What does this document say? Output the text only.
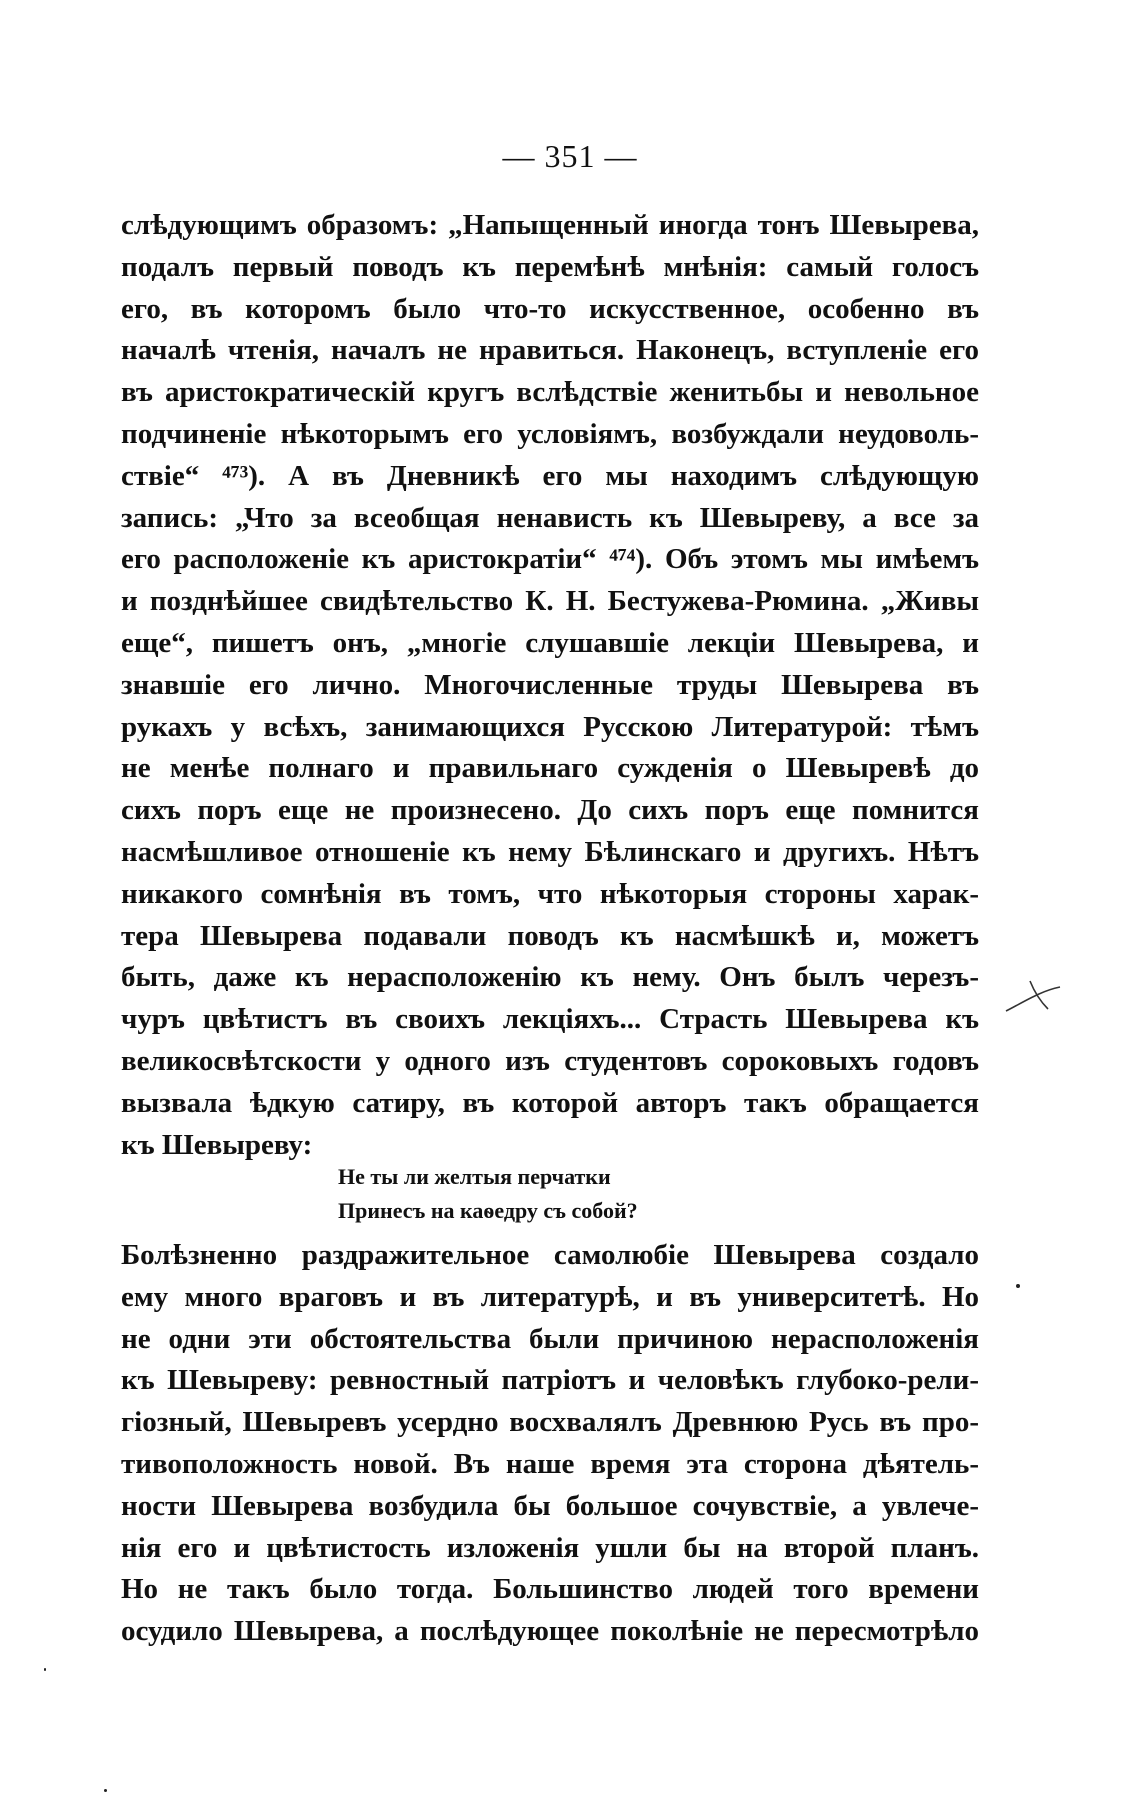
— 351 —
слѣдующимъ образомъ: „Напыщенный иногда тонъ Шевырева,
подалъ первый поводъ къ перемѣнѣ мнѣнія: самый голосъ
его, въ которомъ было что-то искусственное, особенно въ
началѣ чтенія, началъ не нравиться. Наконецъ, вступленіе его
въ аристократическій кругъ вслѣдствіе женитьбы и невольное
подчиненіе нѣкоторымъ его условіямъ, возбуждали неудоволь-
ствіе“ ⁴⁷³). А въ Дневникѣ его мы находимъ слѣдующую
запись: „Что за всеобщая ненависть къ Шевыреву, а все за
его расположеніе къ аристократіи“ ⁴⁷⁴). Объ этомъ мы имѣемъ
и позднѣйшее свидѣтельство К. Н. Бестужева-Рюмина. „Живы
еще“, пишетъ онъ, „многіе слушавшіе лекціи Шевырева, и
знавшіе его лично. Многочисленные труды Шевырева въ
рукахъ у всѣхъ, занимающихся Русскою Литературой: тѣмъ
не менѣе полнаго и правильнаго сужденія о Шевыревѣ до
сихъ поръ еще не произнесено. До сихъ поръ еще помнится
насмѣшливое отношеніе къ нему Бѣлинскаго и другихъ. Нѣтъ
никакого сомнѣнія въ томъ, что нѣкоторыя стороны харак-
тера Шевырева подавали поводъ къ насмѣшкѣ и, можетъ
быть, даже къ нерасположенію къ нему. Онъ былъ черезъ-
чуръ цвѣтистъ въ своихъ лекціяхъ... Страсть Шевырева къ
великосвѣтскости у одного изъ студентовъ сороковыхъ годовъ
вызвала ѣдкую сатиру, въ которой авторъ такъ обращается
къ Шевыреву:
Не ты ли желтыя перчатки
Принесъ на каѳедру съ собой?
Болѣзненно раздражительное самолюбіе Шевырева создало
ему много враговъ и въ литературѣ, и въ университетѣ. Но
не одни эти обстоятельства были причиною нерасположенія
къ Шевыреву: ревностный патріотъ и человѣкъ глубоко-рели-
гіозный, Шевыревъ усердно восхвалялъ Древнюю Русь въ про-
тивоположность новой. Въ наше время эта сторона дѣятель-
ности Шевырева возбудила бы большое сочувствіе, а увлече-
нія его и цвѣтистость изложенія ушли бы на второй планъ.
Но не такъ было тогда. Большинство людей того времени
осудило Шевырева, а послѣдующее поколѣніе не пересмотрѣло
